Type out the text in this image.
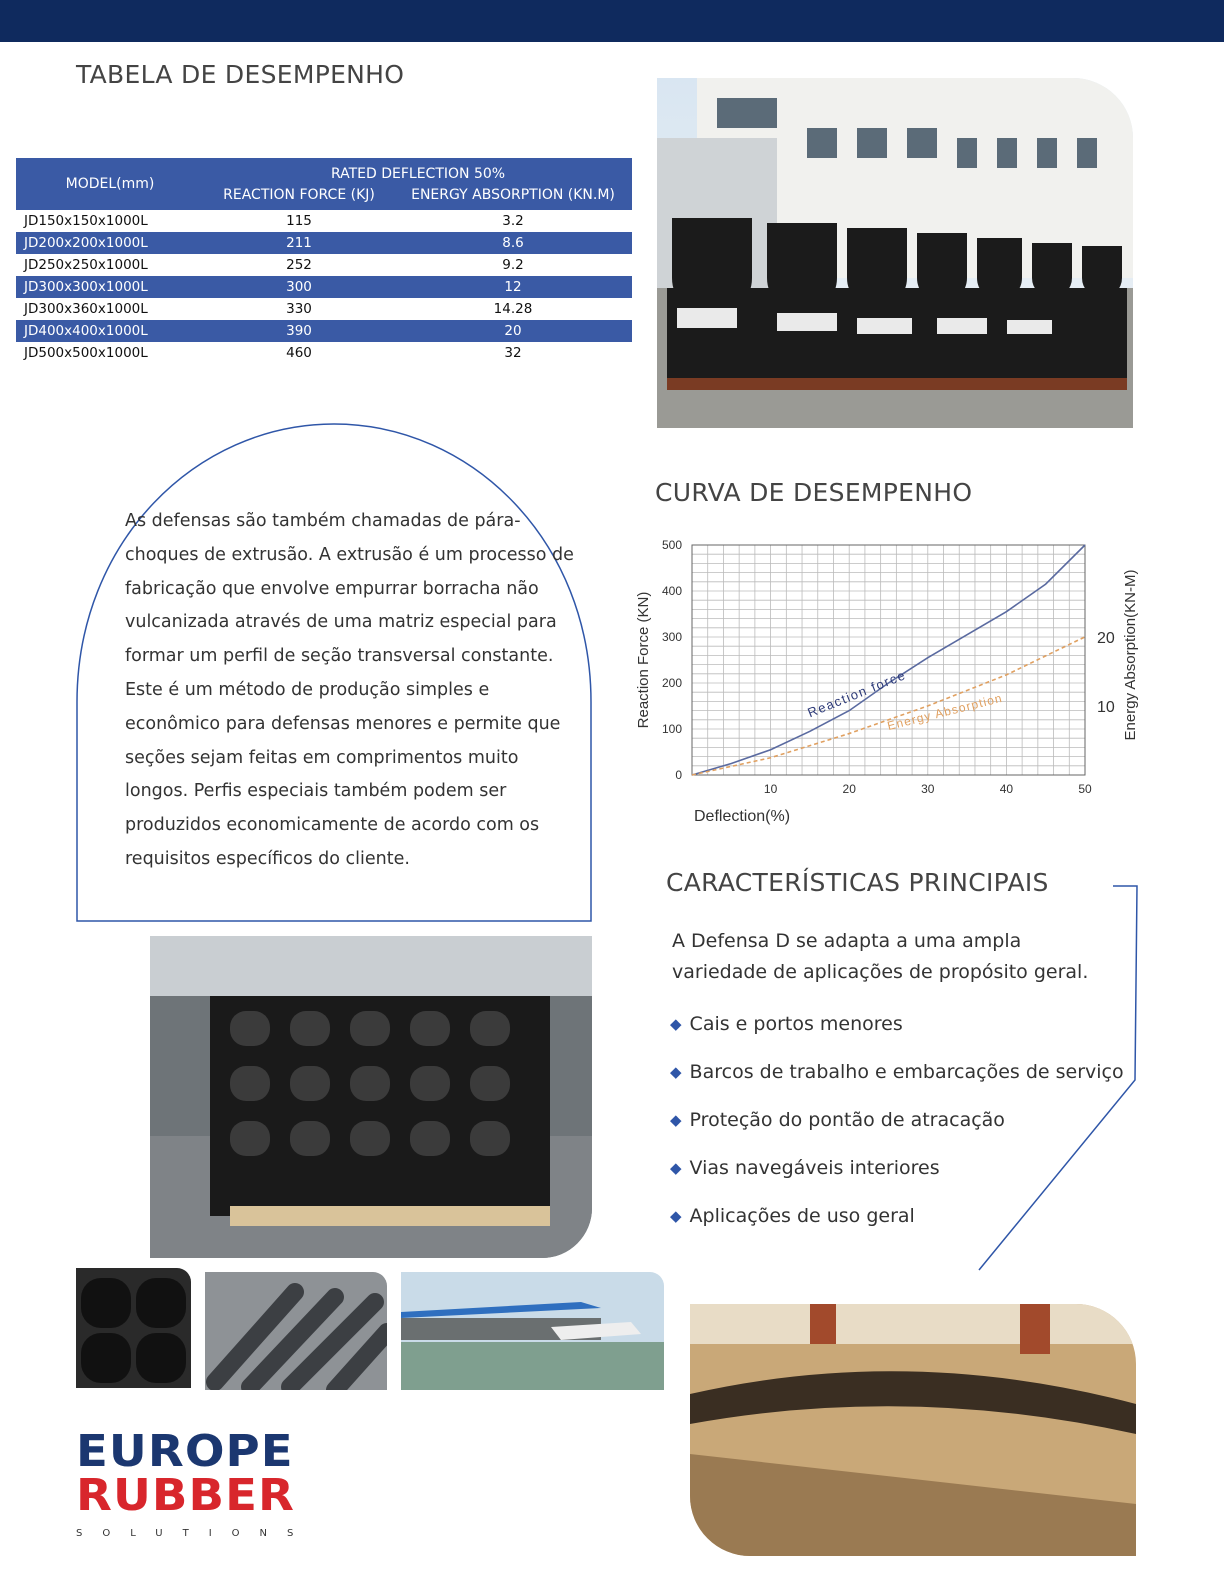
TABELA DE DESEMPENHO
MODEL(mm)	RATED DEFLECTION 50%	
	REACTION FORCE (KJ)	ENERGY ABSORPTION (KN.M)
JD150x150x1000L	115	3.2
JD200x200x1000L	211	8.6
JD250x250x1000L	252	9.2
JD300x300x1000L	300	12
JD300x360x1000L	330	14.28
JD400x400x1000L	390	20
JD500x500x1000L	460	32

As defensas são também chamadas de pára-choques de extrusão. A extrusão é um processo de fabricação que envolve empurrar borracha não vulcanizada através de uma matriz especial para formar um perfil de seção transversal constante. Este é um método de produção simples e econômico para defensas menores e permite que seções sejam feitas em comprimentos muito longos. Perfis especiais também podem ser produzidos economicamente de acordo com os requisitos específicos do cliente.

CURVA DE DESEMPENHO
10	20	30	40	50
0
100
200
300
400
500
10
20
Deflection(%)
Reaction Force (KN)	Energy Absorption(KN-M)
Reaction force
Energy Absorption
CARACTERÍSTICAS PRINCIPAIS

A Defensa D se adapta a uma ampla variedade de aplicações de propósito geral.

◆ Cais e portos menores
◆ Barcos de trabalho e embarcações de serviço
◆ Proteção do pontão de atracação
◆ Vias navegáveis interiores
◆ Aplicações de uso geral
EUROPE
RUBBER
SOLUTIONS
